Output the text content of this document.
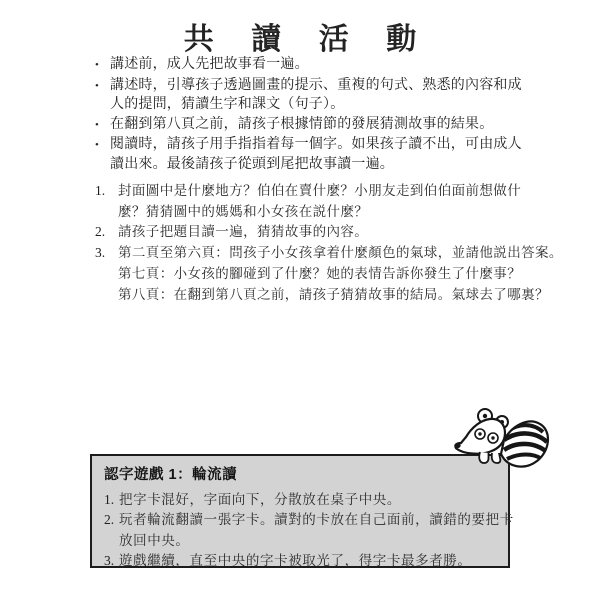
共 讀 活 動
• 講述前，成人先把故事看一遍。
• 講述時，引導孩子透過圖畫的提示、重複的句式、熟悉的內容和成
人的提問，猜讀生字和課文（句子）。
• 在翻到第八頁之前，請孩子根據情節的發展猜測故事的結果。
• 閱讀時，請孩子用手指指着每一個字。如果孩子讀不出，可由成人
讀出來。最後請孩子從頭到尾把故事讀一遍。
1. 封面圖中是什麼地方？伯伯在賣什麼？小朋友走到伯伯面前想做什
麼？猜猜圖中的媽媽和小女孩在説什麼？
2. 請孩子把題目讀一遍，猜猜故事的內容。
3. 第二頁至第六頁：問孩子小女孩拿着什麼顏色的氣球，並請他説出答案。
第七頁：小女孩的腳碰到了什麼？她的表情告訴你發生了什麼事？
第八頁：在翻到第八頁之前，請孩子猜猜故事的結局。氣球去了哪裏？

認字遊戲 1：輪流讀

1. 把字卡混好，字面向下，分散放在桌子中央。
2. 玩者輪流翻讀一張字卡。讀對的卡放在自己面前，讀錯的要把卡
放回中央。
3. 遊戲繼續，直至中央的字卡被取光了，得字卡最多者勝。
